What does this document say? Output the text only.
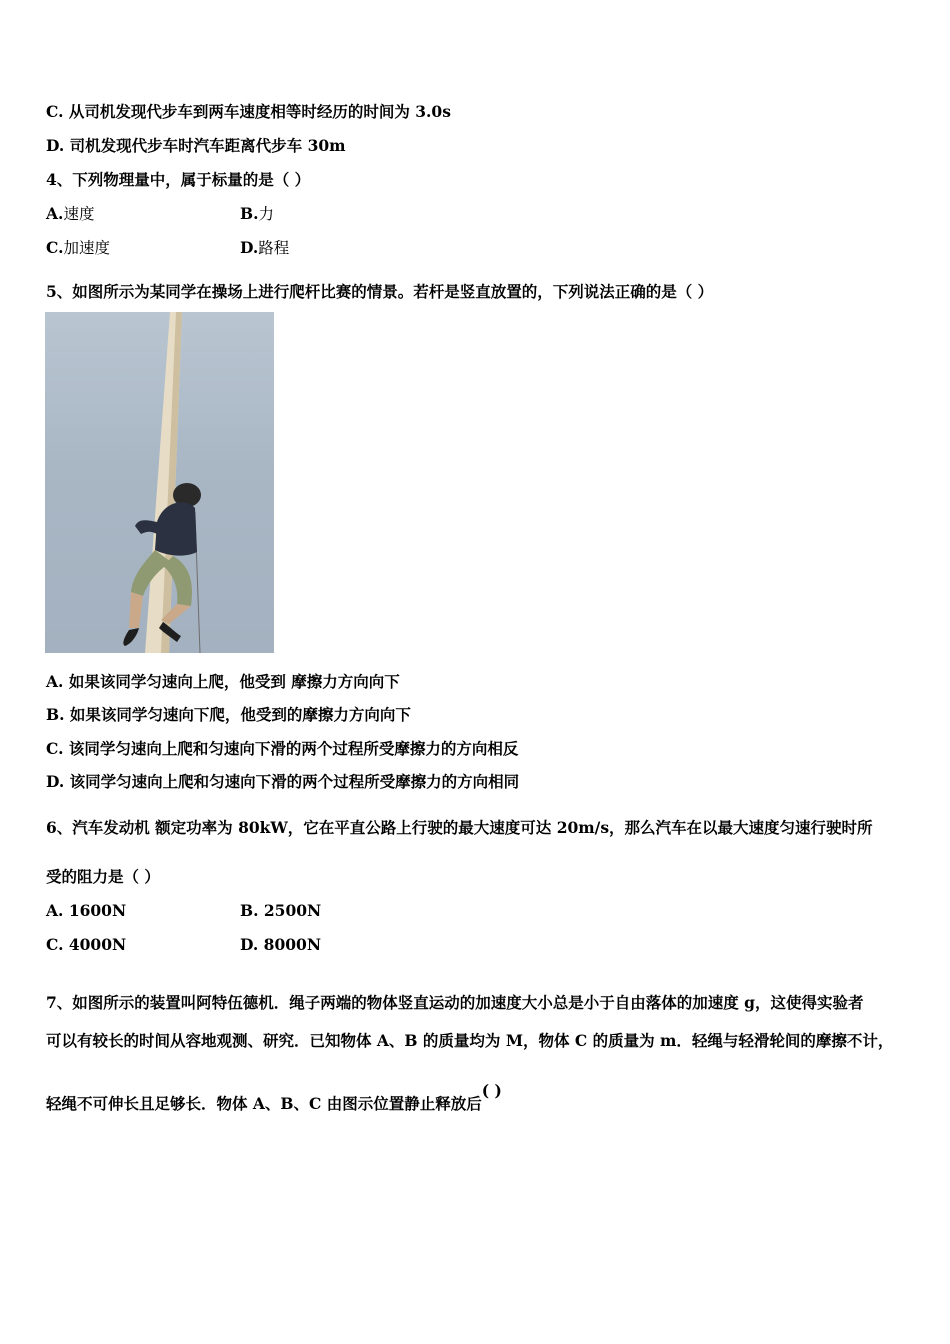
C. 从司机发现代步车到两车速度相等时经历的时间为 3.0s
D. 司机发现代步车时汽车距离代步车 30m
4、下列物理量中，属于标量的是（ ）
A.速度	B.力
C.加速度	D.路程
5、如图所示为某同学在操场上进行爬杆比赛的情景。若杆是竖直放置的，下列说法正确的是（ ）
A. 如果该同学匀速向上爬，他受到 摩擦力方向向下
B. 如果该同学匀速向下爬，他受到的摩擦力方向向下
C. 该同学匀速向上爬和匀速向下滑的两个过程所受摩擦力的方向相反
D. 该同学匀速向上爬和匀速向下滑的两个过程所受摩擦力的方向相同
6、汽车发动机 额定功率为 80kW，它在平直公路上行驶的最大速度可达 20m/s，那么汽车在以最大速度匀速行驶时所
受的阻力是（ ）
A. 1600N	B. 2500N
C. 4000N	D. 8000N
7、如图所示的装置叫阿特伍德机．绳子两端的物体竖直运动的加速度大小总是小于自由落体的加速度 g，这使得实验者
可以有较长的时间从容地观测、研究．已知物体 A、B 的质量均为 M，物体 C 的质量为 m．轻绳与轻滑轮间的摩擦不计，
轻绳不可伸长且足够长．物体 A、B、C 由图示位置静止释放后( )
